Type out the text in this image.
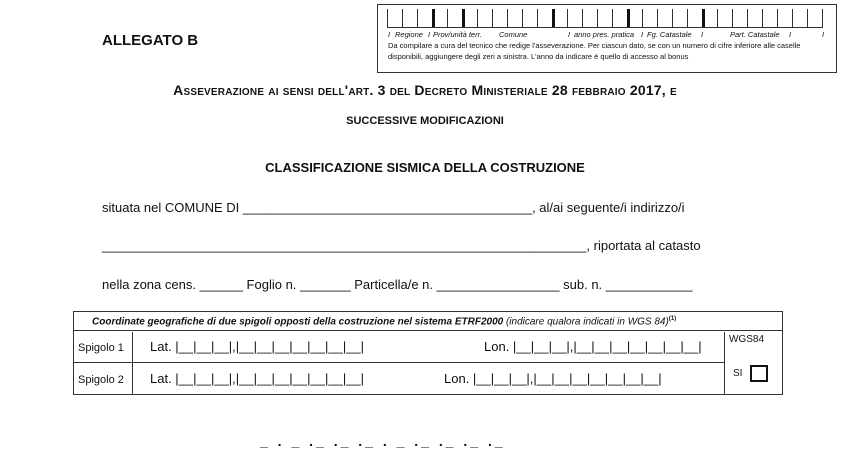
ALLEGATO B	I Regione I Prov/unità terr. Comune	I anno pres. pratica I Fg. Catastale I	Part. Catastale I	I
Da compilare a cura del tecnico che redige l'asseverazione. Per ciascun dato, se con un numero di cifre inferiore alle caselle disponibili, aggiungere degli zeri a sinistra. L'anno da indicare è quello di accesso al bonus
Asseverazione ai sensi dell'art. 3 del Decreto Ministeriale 28 febbraio 2017, e
SUCCESSIVE MODIFICAZIONI
CLASSIFICAZIONE SISMICA DELLA COSTRUZIONE
situata nel COMUNE DI ________________________________________, al/ai seguente/i indirizzo/i
___________________________________________________________________, riportata al catasto
nella zona cens. ______ Foglio n. _______ Particella/e n. _________________ sub. n. ____________
Coordinate geografiche di due spigoli opposti della costruzione nel sistema ETRF2000 (indicare qualora indicati in WGS 84)$^{(1)}$
Spigolo 1 Lat. |__|__|__|,|__|__|__|__|__|__|__|	Lon. |__|__|__|,|__|__|__|__|__|__|__|
Spigolo 2 Lat. |__|__|__|,|__|__|__|__|__|__|__|	Lon. |__|__|__|,|__|__|__|__|__|__|__|
WGS84
SI
_ . _ ._ ._ ._ . _ ._ ._ ._ ._
